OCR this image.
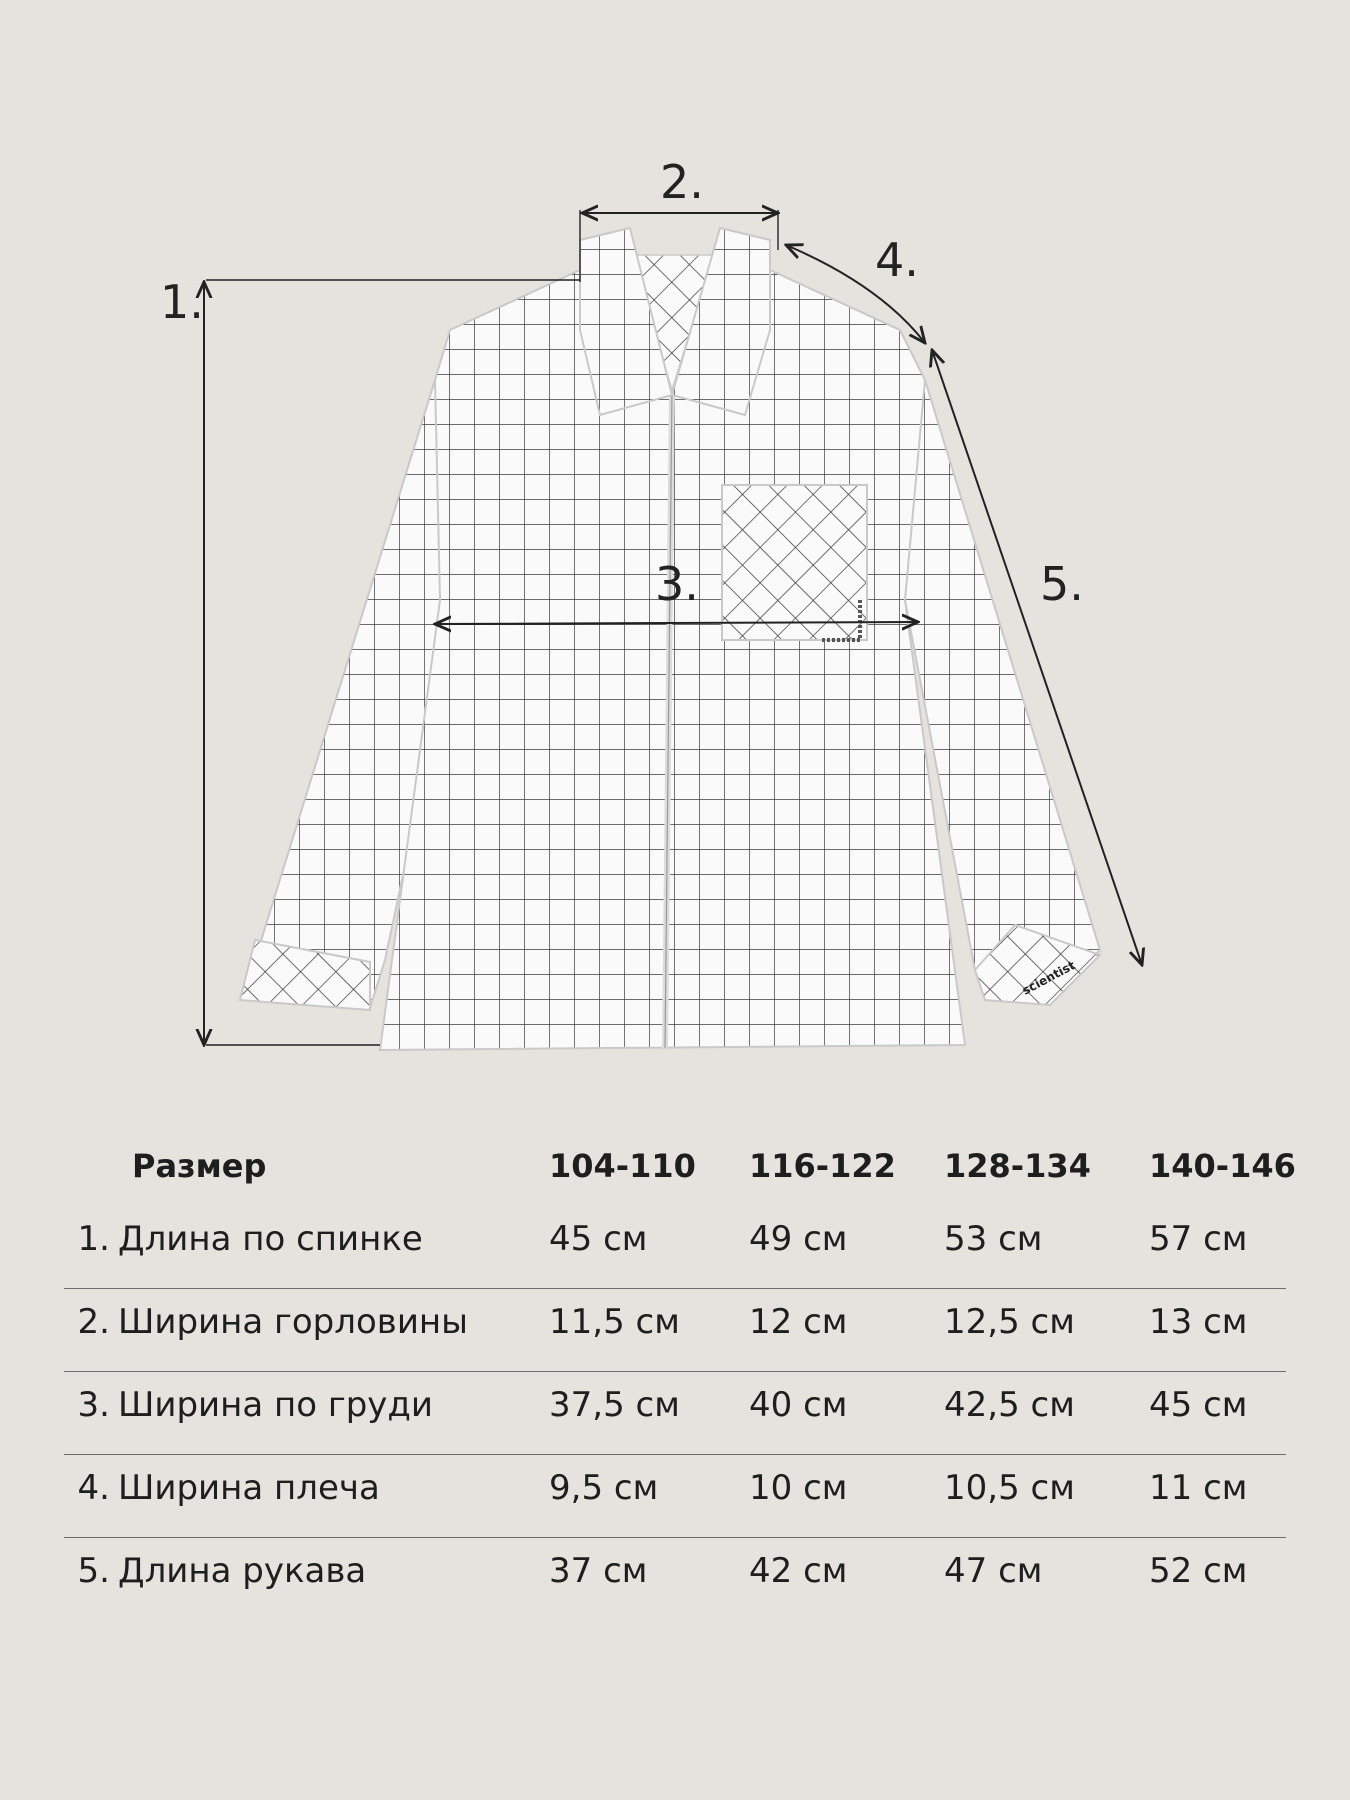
scientist
1.
2.
3.
4.
5.
Размер	104-110 116-122 128-134 140-146
1. Длина по спинке	45 см	49 см	53 см	57 см
2. Ширина горловины 11,5 см 12 см	12,5 см 13 см
3. Ширина по груди	37,5 см 40 см	42,5 см 45 см
4. Ширина плеча	9,5 см	10 см	10,5 см 11 см
5. Длина рукава	37 см	42 см	47 см	52 см
